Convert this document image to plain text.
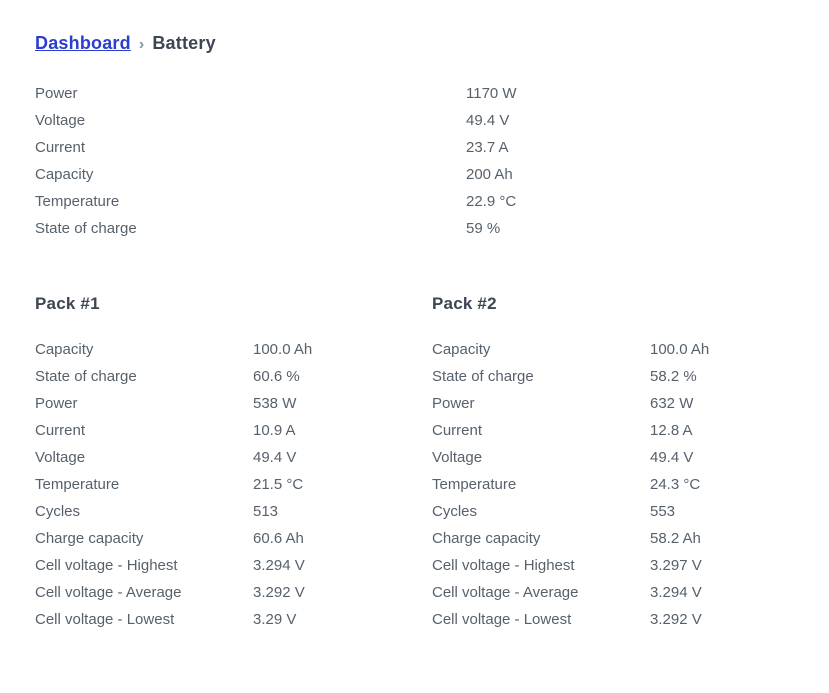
Dashboard › Battery
Power	1170 W
Voltage	49.4 V
Current	23.7 A
Capacity	200 Ah
Temperature	22.9 °C
State of charge	59 %
Pack #1
Capacity	100.0 Ah
State of charge	60.6 %
Power	538 W
Current	10.9 A
Voltage	49.4 V
Temperature	21.5 °C
Cycles	513
Charge capacity	60.6 Ah
Cell voltage - Highest	3.294 V
Cell voltage - Average	3.292 V
Cell voltage - Lowest	3.29 V
Pack #2
Capacity	100.0 Ah
State of charge	58.2 %
Power	632 W
Current	12.8 A
Voltage	49.4 V
Temperature	24.3 °C
Cycles	553
Charge capacity	58.2 Ah
Cell voltage - Highest	3.297 V
Cell voltage - Average	3.294 V
Cell voltage - Lowest	3.292 V
